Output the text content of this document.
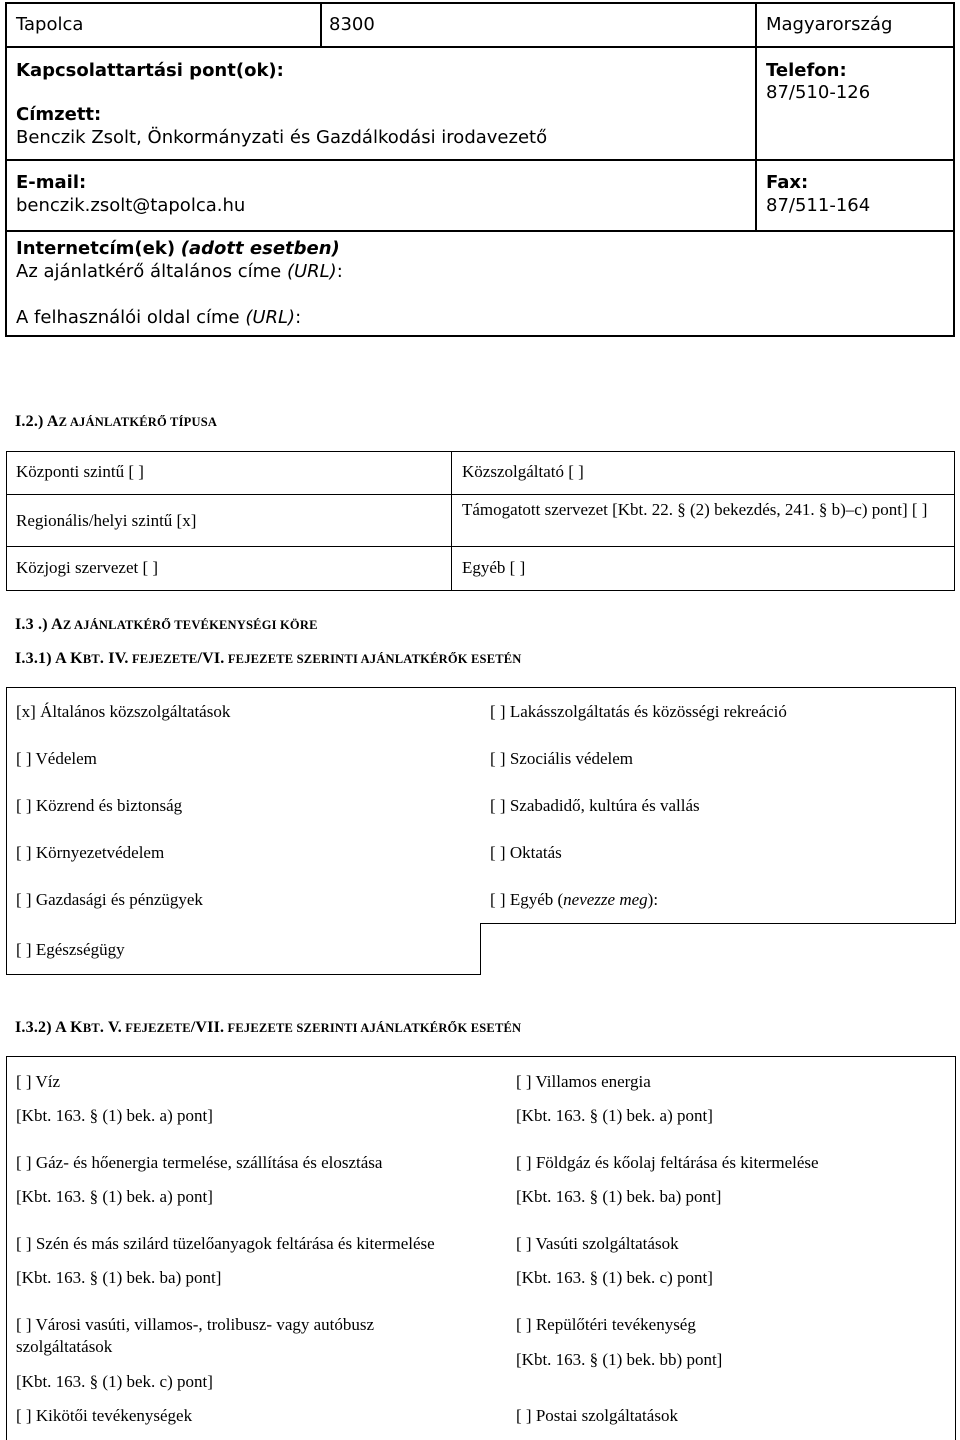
Tapolca	8300	Magyarország
Kapcsolattartási pont(ok):
Címzett:
Benczik Zsolt, Önkormányzati és Gazdálkodási irodavezető
Telefon:
87/510-126
E-mail:
benczik.zsolt@tapolca.hu
Fax:
87/511-164
Internetcím(ek) (adott esetben)
Az ajánlatkérő általános címe (URL):
A felhasználói oldal címe (URL):
I.2.) AZ AJÁNLATKÉRŐ TÍPUSA
Központi szintű [ ]
Regionális/helyi szintű [x]
Közjogi szervezet [ ]
Közszolgáltató [ ]
Támogatott szervezet [Kbt. 22. § (2) bekezdés, 241. § b)–c) pont] [ ]
Egyéb [ ]
I.3 .) AZ AJÁNLATKÉRŐ TEVÉKENYSÉGI KÖRE
I.3.1) A KBT. IV. FEJEZETE/VI. FEJEZETE SZERINTI AJÁNLATKÉRŐK ESETÉN
[x] Általános közszolgáltatások
[ ] Védelem
[ ] Közrend és biztonság
[ ] Környezetvédelem
[ ] Gazdasági és pénzügyek
[ ] Egészségügy
[ ] Lakásszolgáltatás és közösségi rekreáció
[ ] Szociális védelem
[ ] Szabadidő, kultúra és vallás
[ ] Oktatás
[ ] Egyéb (nevezze meg):
I.3.2) A KBT. V. FEJEZETE/VII. FEJEZETE SZERINTI AJÁNLATKÉRŐK ESETÉN
[ ] Víz
[Kbt. 163. § (1) bek. a) pont]
[ ] Gáz- és hőenergia termelése, szállítása és elosztása
[Kbt. 163. § (1) bek. a) pont]
[ ] Szén és más szilárd tüzelőanyagok feltárása és kitermelése
[Kbt. 163. § (1) bek. ba) pont]
[ ] Városi vasúti, villamos-, trolibusz- vagy autóbusz szolgáltatások
[Kbt. 163. § (1) bek. c) pont]
[ ] Kikötői tevékenységek
[ ] Villamos energia
[Kbt. 163. § (1) bek. a) pont]
[ ] Földgáz és kőolaj feltárása és kitermelése
[Kbt. 163. § (1) bek. ba) pont]
[ ] Vasúti szolgáltatások
[Kbt. 163. § (1) bek. c) pont]
[ ] Repülőtéri tevékenység
[Kbt. 163. § (1) bek. bb) pont]
[ ] Postai szolgáltatások
